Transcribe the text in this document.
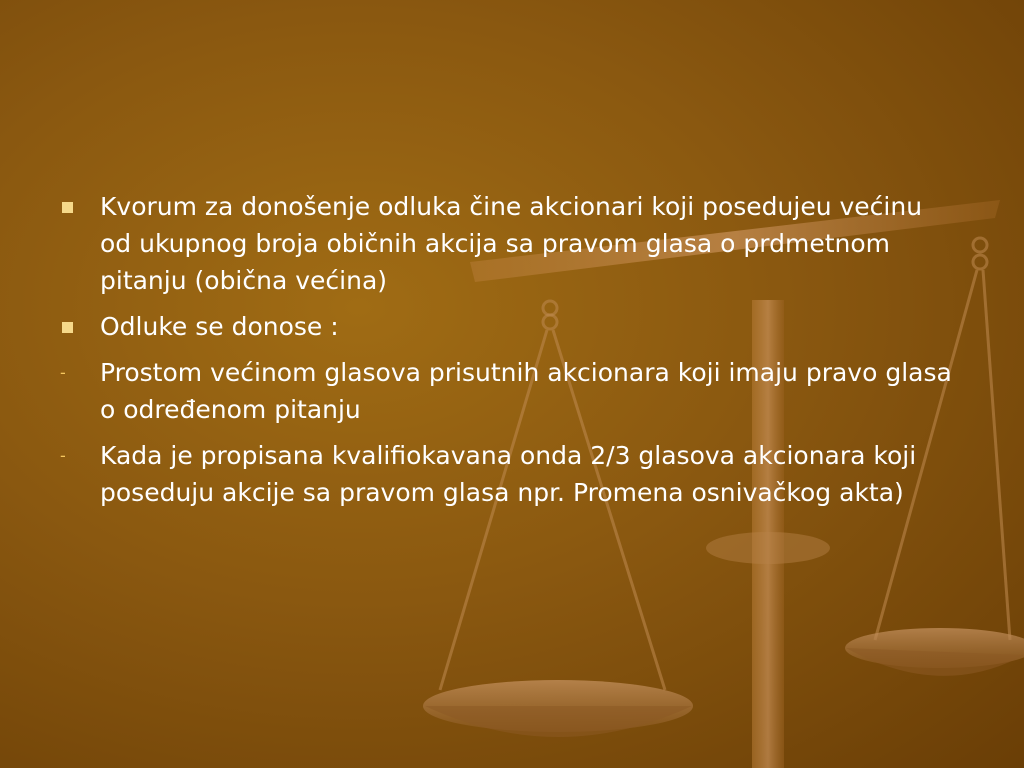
Kvorum za donošenje odluka čine akcionari koji posedujeu većinu od ukupnog broja običnih akcija sa pravom glasa o prdmetnom pitanju (obična većina)
Odluke se donose :
-	Prostom većinom glasova prisutnih akcionara koji imaju pravo glasa o određenom pitanju
-	Kada je propisana kvalifiokavana onda 2/3 glasova akcionara koji poseduju akcije sa pravom glasa npr. Promena osnivačkog akta)
